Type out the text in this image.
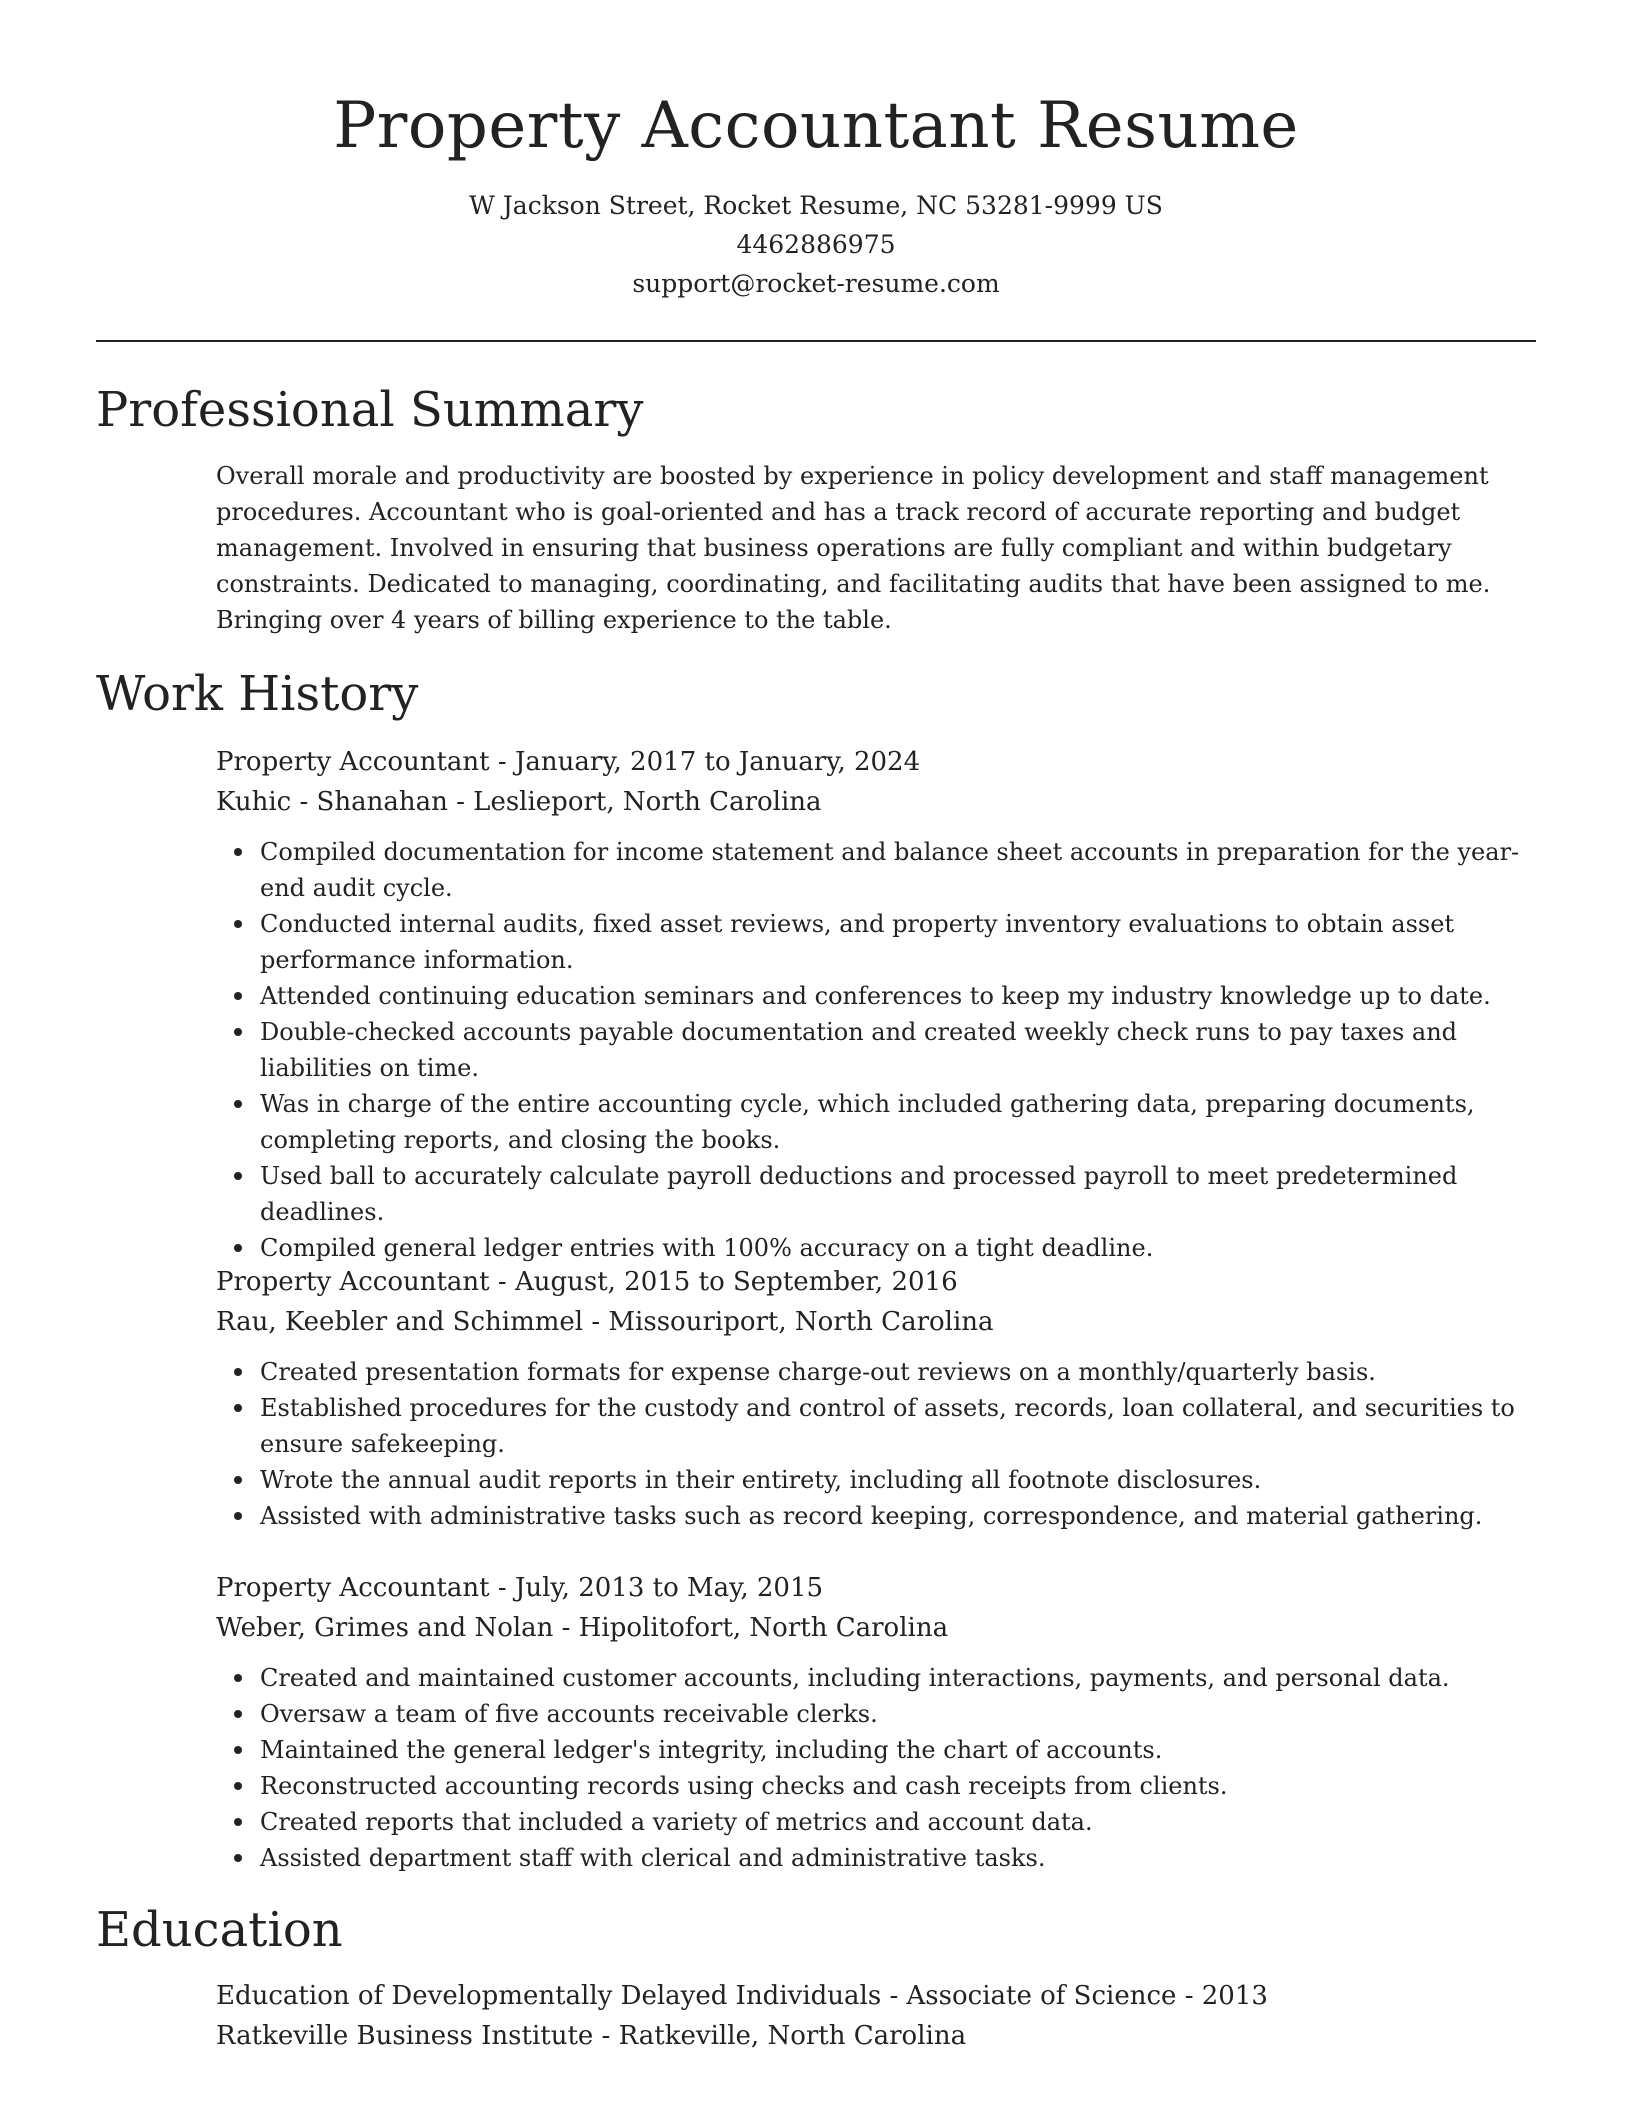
Property Accountant Resume

W Jackson Street, Rocket Resume, NC 53281-9999 US

4462886975

support@rocket-resume.com

Professional Summary

Overall morale and productivity are boosted by experience in policy development and staff management procedures. Accountant who is goal-oriented and has a track record of accurate reporting and budget management. Involved in ensuring that business operations are fully compliant and within budgetary constraints. Dedicated to managing, coordinating, and facilitating audits that have been assigned to me. Bringing over 4 years of billing experience to the table.

Work History

Property Accountant - January, 2017 to January, 2024

Kuhic - Shanahan - Leslieport, North Carolina

Compiled documentation for income statement and balance sheet accounts in preparation for the year-end audit cycle.
Conducted internal audits, fixed asset reviews, and property inventory evaluations to obtain asset performance information.
Attended continuing education seminars and conferences to keep my industry knowledge up to date.
Double-checked accounts payable documentation and created weekly check runs to pay taxes and liabilities on time.
Was in charge of the entire accounting cycle, which included gathering data, preparing documents, completing reports, and closing the books.
Used ball to accurately calculate payroll deductions and processed payroll to meet predetermined deadlines.
Compiled general ledger entries with 100% accuracy on a tight deadline.

Property Accountant - August, 2015 to September, 2016

Rau, Keebler and Schimmel - Missouriport, North Carolina

Created presentation formats for expense charge-out reviews on a monthly/quarterly basis.
Established procedures for the custody and control of assets, records, loan collateral, and securities to ensure safekeeping.
Wrote the annual audit reports in their entirety, including all footnote disclosures.
Assisted with administrative tasks such as record keeping, correspondence, and material gathering.

Property Accountant - July, 2013 to May, 2015

Weber, Grimes and Nolan - Hipolitofort, North Carolina

Created and maintained customer accounts, including interactions, payments, and personal data.
Oversaw a team of five accounts receivable clerks.
Maintained the general ledger's integrity, including the chart of accounts.
Reconstructed accounting records using checks and cash receipts from clients.
Created reports that included a variety of metrics and account data.
Assisted department staff with clerical and administrative tasks.
Education

Education of Developmentally Delayed Individuals - Associate of Science - 2013

Ratkeville Business Institute - Ratkeville, North Carolina
